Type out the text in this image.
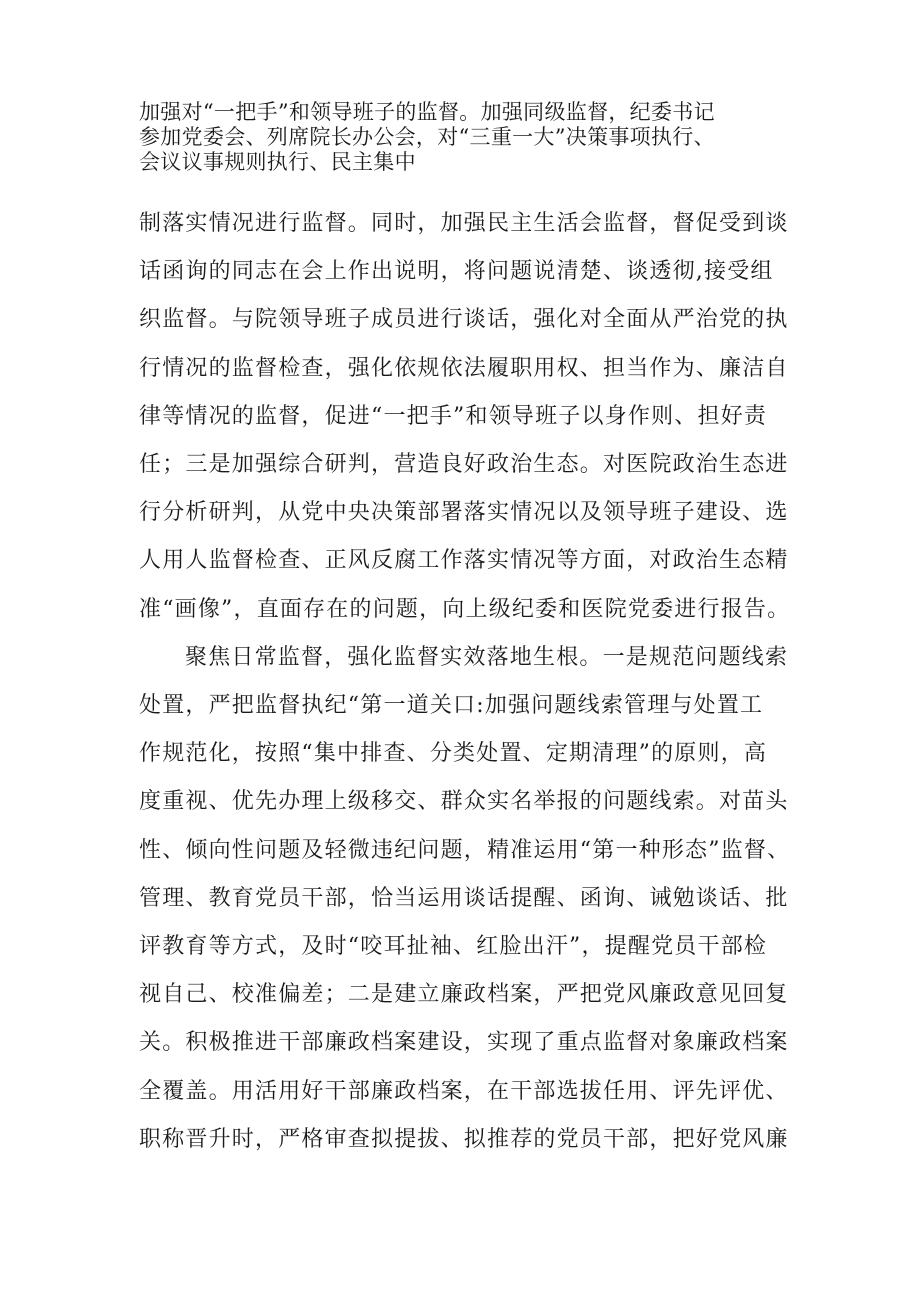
加强对“一把手”和领导班子的监督。加强同级监督，纪委书记
参加党委会、列席院长办公会，对“三重一大”决策事项执行、
会议议事规则执行、民主集中
制落实情况进行监督。同时，加强民主生活会监督，督促受到谈
话函询的同志在会上作出说明，将问题说清楚、谈透彻,接受组
织监督。与院领导班子成员进行谈话，强化对全面从严治党的执
行情况的监督检查，强化依规依法履职用权、担当作为、廉洁自
律等情况的监督，促进“一把手”和领导班子以身作则、担好责
任；三是加强综合研判，营造良好政治生态。对医院政治生态进
行分析研判，从党中央决策部署落实情况以及领导班子建设、选
人用人监督检查、正风反腐工作落实情况等方面，对政治生态精
准“画像”，直面存在的问题，向上级纪委和医院党委进行报告。
聚焦日常监督，强化监督实效落地生根。一是规范问题线索
处置，严把监督执纪“第一道关口:加强问题线索管理与处置工
作规范化，按照“集中排查、分类处置、定期清理”的原则，高
度重视、优先办理上级移交、群众实名举报的问题线索。对苗头
性、倾向性问题及轻微违纪问题，精准运用“第一种形态”监督、
管理、教育党员干部，恰当运用谈话提醒、函询、诫勉谈话、批
评教育等方式，及时“咬耳扯袖、红脸出汗”，提醒党员干部检
视自己、校准偏差；二是建立廉政档案，严把党风廉政意见回复
关。积极推进干部廉政档案建设，实现了重点监督对象廉政档案
全覆盖。用活用好干部廉政档案，在干部选拔任用、评先评优、
职称晋升时，严格审查拟提拔、拟推荐的党员干部，把好党风廉
